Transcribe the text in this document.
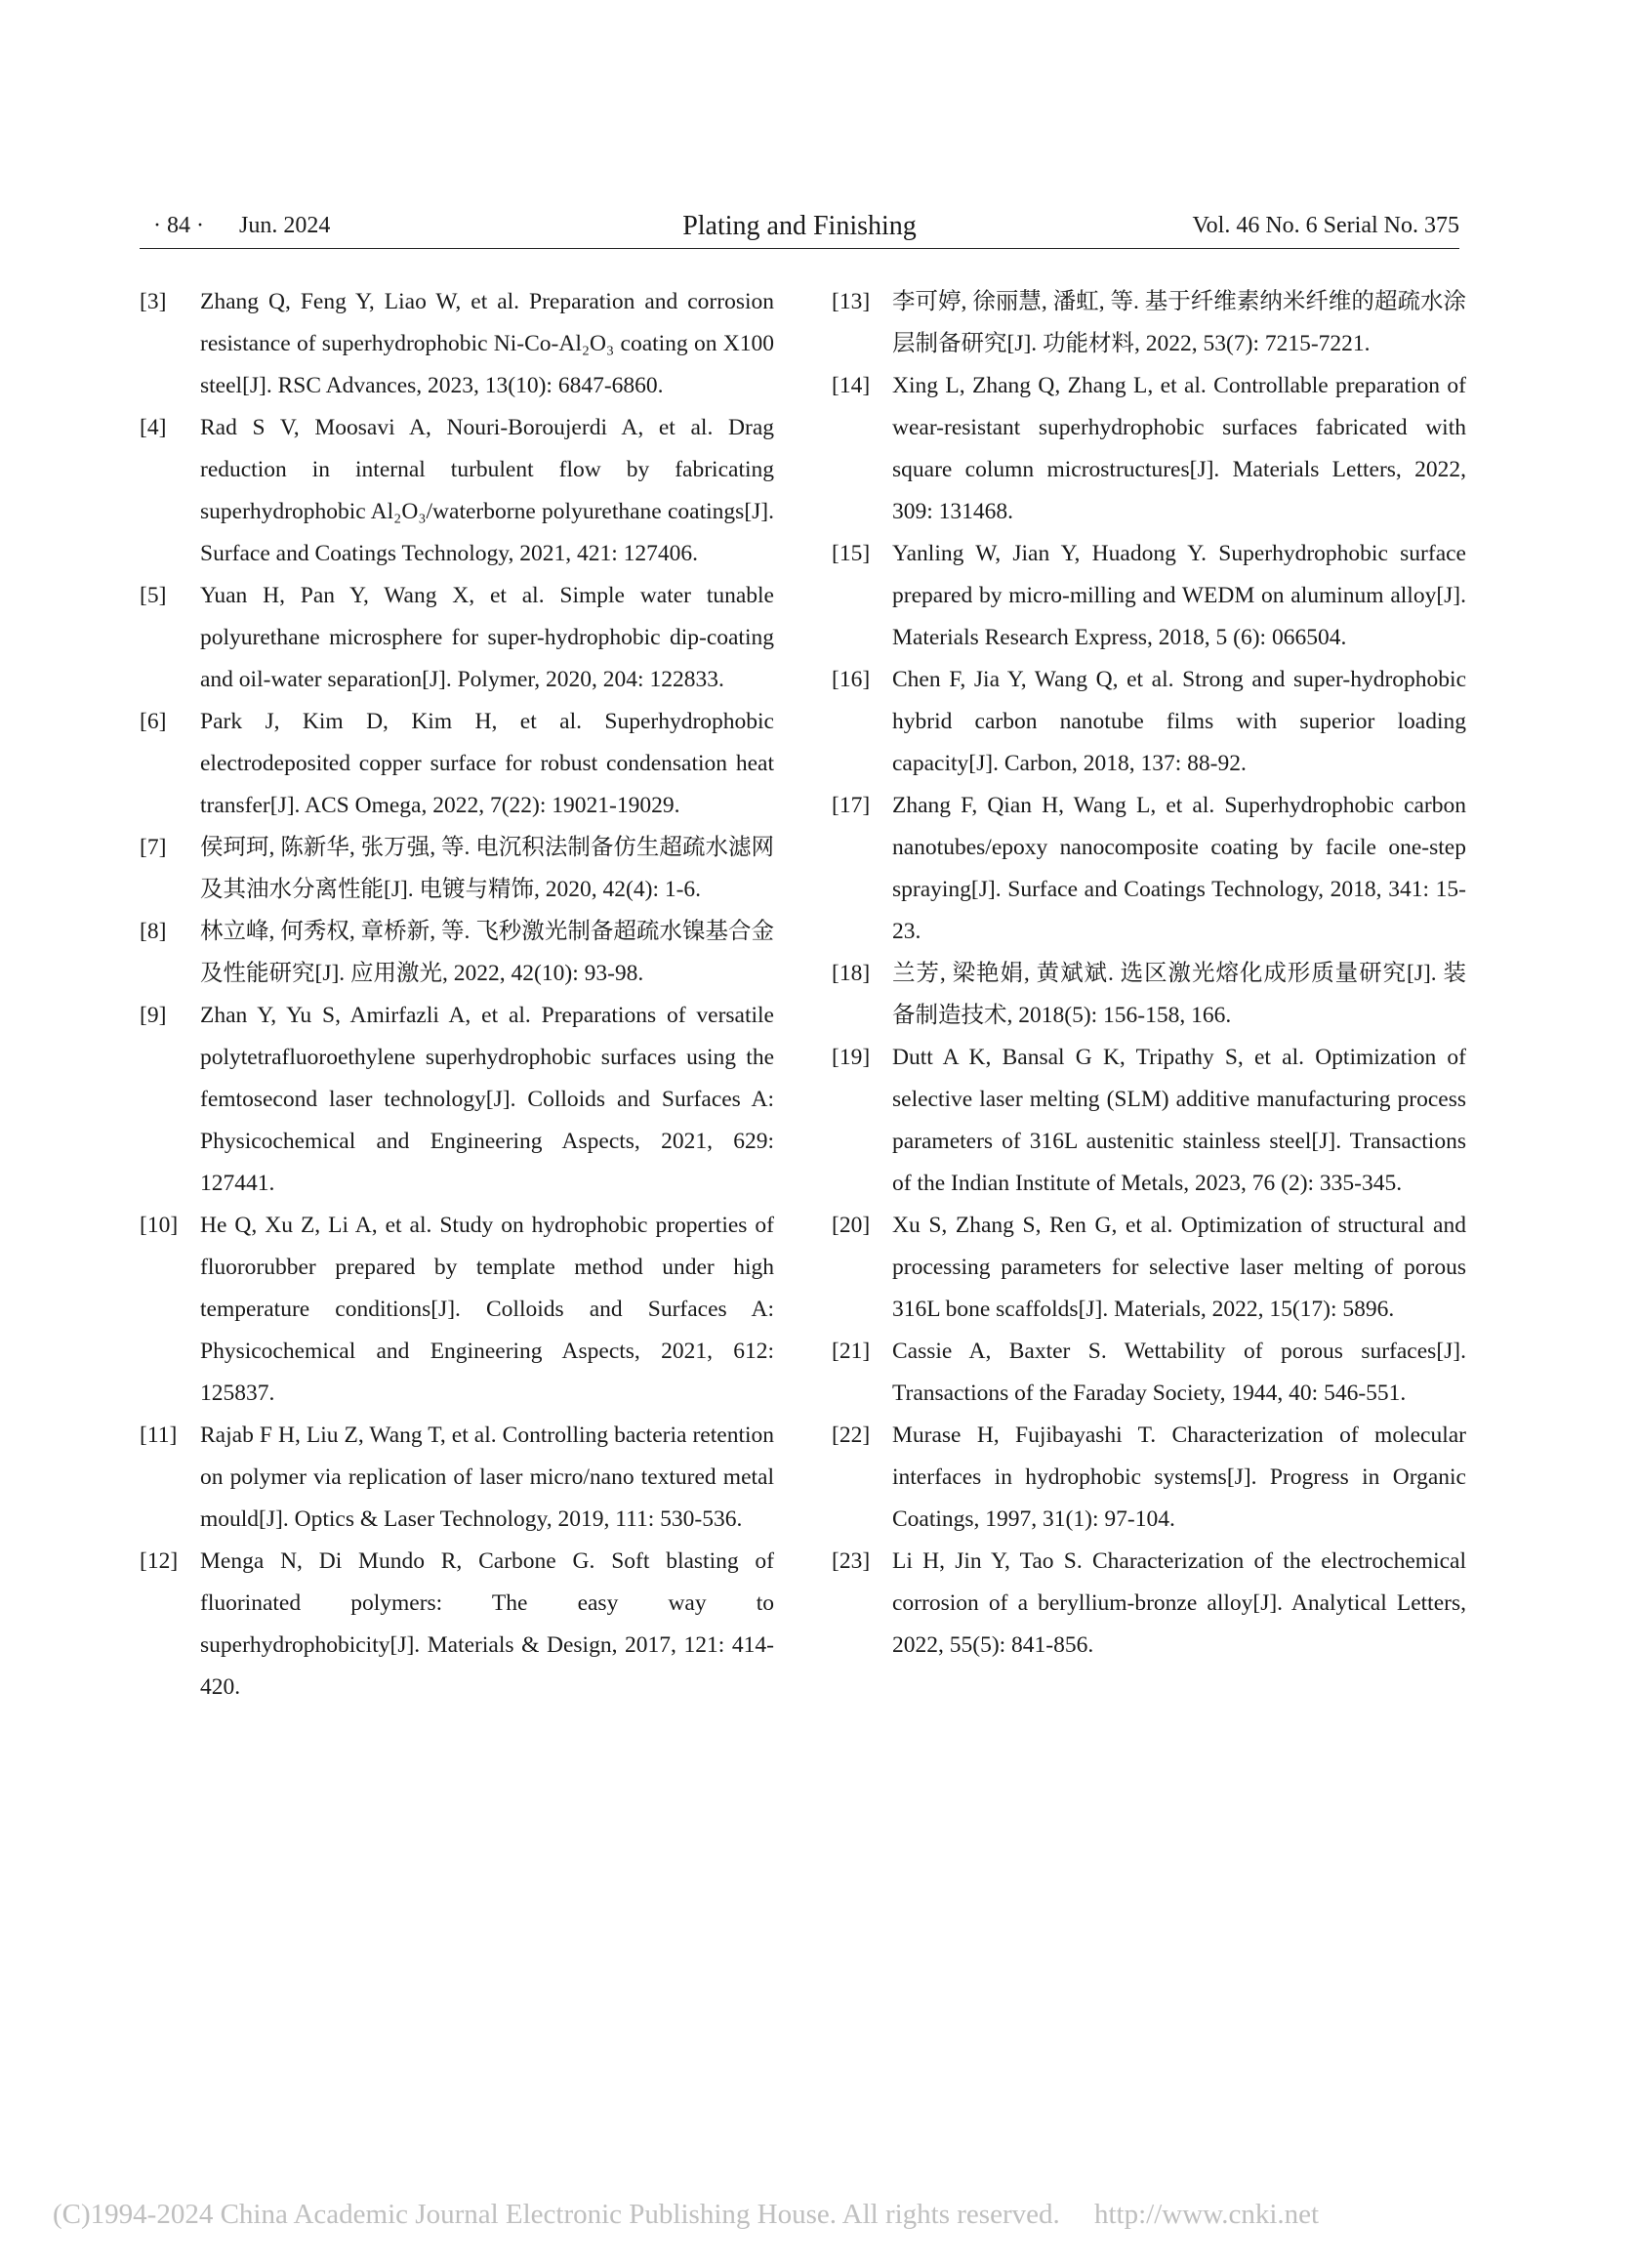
· 84 · Jun. 2024	Plating and Finishing	Vol. 46 No. 6 Serial No. 375
[3] Zhang Q, Feng Y, Liao W, et al. Preparation and corrosion resistance of superhydrophobic Ni-Co-Al₂O₃ coating on X100 steel[J]. RSC Advances, 2023, 13(10): 6847-6860.
[4] Rad S V, Moosavi A, Nouri-Boroujerdi A, et al. Drag reduction in internal turbulent flow by fabricating superhydrophobic Al₂O₃/waterborne polyurethane coatings[J]. Surface and Coatings Technology, 2021, 421: 127406.
[5] Yuan H, Pan Y, Wang X, et al. Simple water tunable polyurethane microsphere for super-hydrophobic dip-coating and oil-water separation[J]. Polymer, 2020, 204: 122833.
[6] Park J, Kim D, Kim H, et al. Superhydrophobic electrodeposited copper surface for robust condensation heat transfer[J]. ACS Omega, 2022, 7(22): 19021-19029.
[7] 侯珂珂, 陈新华, 张万强, 等. 电沉积法制备仿生超疏水滤网及其油水分离性能[J]. 电镀与精饰, 2020, 42(4): 1-6.
[8] 林立峰, 何秀权, 章桥新, 等. 飞秒激光制备超疏水镍基合金及性能研究[J]. 应用激光, 2022, 42(10): 93-98.
[9] Zhan Y, Yu S, Amirfazli A, et al. Preparations of versatile polytetrafluoroethylene superhydrophobic surfaces using the femtosecond laser technology[J]. Colloids and Surfaces A: Physicochemical and Engineering Aspects, 2021, 629: 127441.
[10] He Q, Xu Z, Li A, et al. Study on hydrophobic properties of fluororubber prepared by template method under high temperature conditions[J]. Colloids and Surfaces A: Physicochemical and Engineering Aspects, 2021, 612: 125837.
[11] Rajab F H, Liu Z, Wang T, et al. Controlling bacteria retention on polymer via replication of laser micro/nano textured metal mould[J]. Optics & Laser Technology, 2019, 111: 530-536.
[12] Menga N, Di Mundo R, Carbone G. Soft blasting of fluorinated polymers: The easy way to superhydrophobicity[J]. Materials & Design, 2017, 121: 414-420.
[13] 李可婷, 徐丽慧, 潘虹, 等. 基于纤维素纳米纤维的超疏水涂层制备研究[J]. 功能材料, 2022, 53(7): 7215-7221.
[14] Xing L, Zhang Q, Zhang L, et al. Controllable preparation of wear-resistant superhydrophobic surfaces fabricated with square column microstructures[J]. Materials Letters, 2022, 309: 131468.
[15] Yanling W, Jian Y, Huadong Y. Superhydrophobic surface prepared by micro-milling and WEDM on aluminum alloy[J]. Materials Research Express, 2018, 5 (6): 066504.
[16] Chen F, Jia Y, Wang Q, et al. Strong and super-hydrophobic hybrid carbon nanotube films with superior loading capacity[J]. Carbon, 2018, 137: 88-92.
[17] Zhang F, Qian H, Wang L, et al. Superhydrophobic carbon nanotubes/epoxy nanocomposite coating by facile one-step spraying[J]. Surface and Coatings Technology, 2018, 341: 15-23.
[18] 兰芳, 梁艳娟, 黄斌斌. 选区激光熔化成形质量研究[J]. 装备制造技术, 2018(5): 156-158, 166.
[19] Dutt A K, Bansal G K, Tripathy S, et al. Optimization of selective laser melting (SLM) additive manufacturing process parameters of 316L austenitic stainless steel[J]. Transactions of the Indian Institute of Metals, 2023, 76 (2): 335-345.
[20] Xu S, Zhang S, Ren G, et al. Optimization of structural and processing parameters for selective laser melting of porous 316L bone scaffolds[J]. Materials, 2022, 15(17): 5896.
[21] Cassie A, Baxter S. Wettability of porous surfaces[J]. Transactions of the Faraday Society, 1944, 40: 546-551.
[22] Murase H, Fujibayashi T. Characterization of molecular interfaces in hydrophobic systems[J]. Progress in Organic Coatings, 1997, 31(1): 97-104.
[23] Li H, Jin Y, Tao S. Characterization of the electrochemical corrosion of a beryllium-bronze alloy[J]. Analytical Letters, 2022, 55(5): 841-856.
(C)1994-2024 China Academic Journal Electronic Publishing House. All rights reserved. http://www.cnki.net
